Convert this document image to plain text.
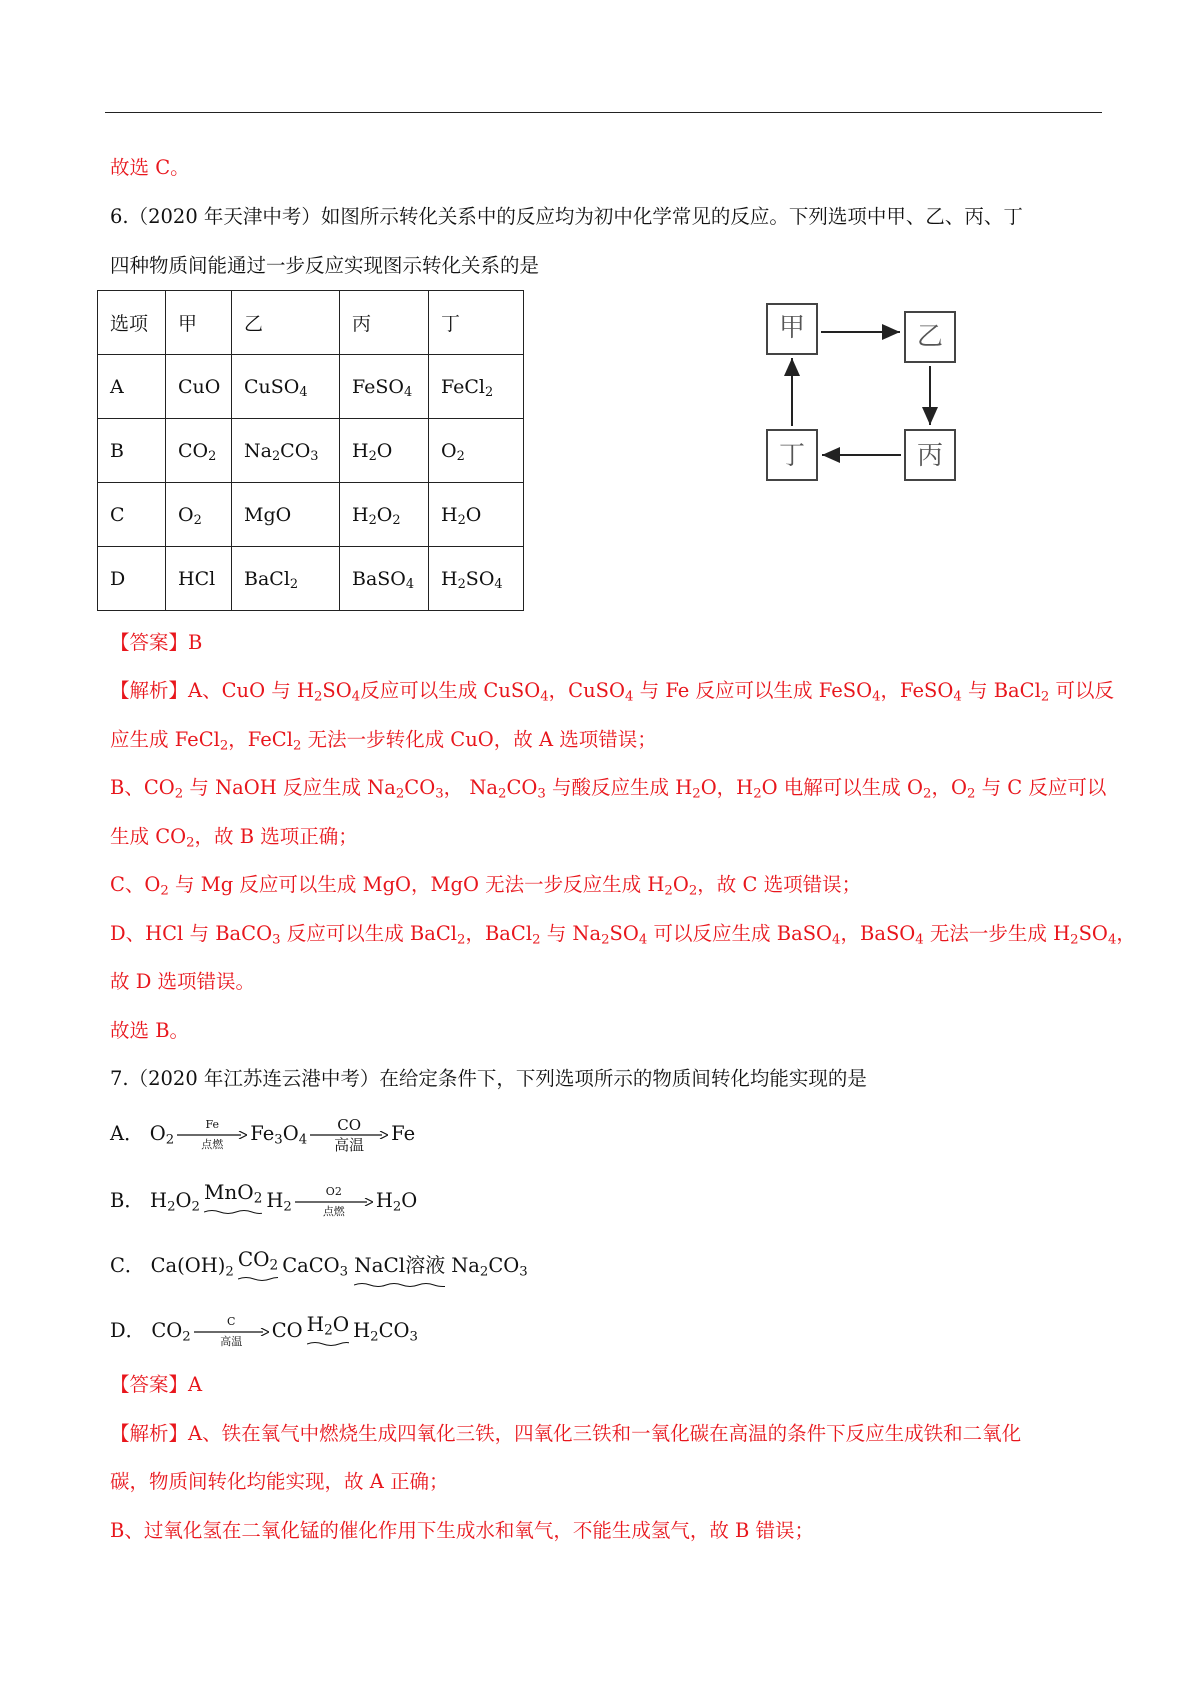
故选 C。
6.（2020 年天津中考）如图所示转化关系中的反应均为初中化学常见的反应。下列选项中甲、乙、丙、丁
四种物质间能通过一步反应实现图示转化关系的是
选项	甲	乙	丙	丁
A	CuO	CuSO$_4$	FeSO$_4$	FeCl$_2$
B	$CO_2$	$Na_2CO_3$	$H_2O$	$O_2$
C	$O_2$	MgO	$H_2O_2$	$H_2O$
D	HCl	BaCl$_2$	BaSO$_4$	$H_2SO_4$
甲	乙
丙
丁
【答案】B
【解析】A、CuO 与 $H_2SO_4$反应可以生成 CuSO$_4$，CuSO$_4$ 与 Fe 反应可以生成 FeSO$_4$，FeSO$_4$ 与 BaCl$_2$ 可以反
应生成 FeCl$_2$，FeCl$_2$ 无法一步转化成 CuO，故 A 选项错误；
B、$CO_2$ 与 NaOH 反应生成 $Na_2CO_3$， $Na_2CO_3$ 与酸反应生成 $H_2O$，$H_2O$ 电解可以生成 $O_2$，$O_2$ 与 C 反应可以
生成 $CO_2$，故 B 选项正确；
C、$O_2$ 与 Mg 反应可以生成 MgO，MgO 无法一步反应生成 $H_2O_2$，故 C 选项错误；
D、HCl 与 BaCO$_3$ 反应可以生成 BaCl$_2$，BaCl$_2$ 与 $Na_2SO_4$ 可以反应生成 BaSO$_4$，BaSO$_4$ 无法一步生成 $H_2SO_4$，
故 D 选项错误。
故选 B。
7.（2020 年江苏连云港中考）在给定条件下，下列选项所示的物质间转化均能实现的是
A． $O_2$
Fe
点燃	$Fe_3O_4$
CO
高温	Fe
B． $H_2O_2MnO_2$ $H_2$
O2
点燃	$H_2O$
C． $Ca(OH)_2CO_2$ CaCO$_3$ NaCl溶液 $Na_2CO_3$
D． $CO_2$
C
高温	CO $H_2O$ $H_2CO_3$
【答案】A
【解析】A、铁在氧气中燃烧生成四氧化三铁，四氧化三铁和一氧化碳在高温的条件下反应生成铁和二氧化
碳，物质间转化均能实现，故 A 正确；
B、过氧化氢在二氧化锰的催化作用下生成水和氧气，不能生成氢气，故 B 错误；
